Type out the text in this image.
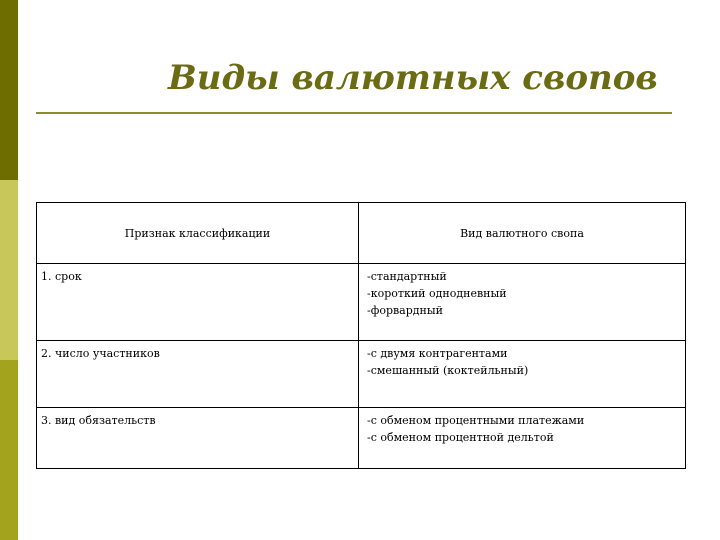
Виды валютных свопов
Признак классификации	Вид валютного свопа

1. срок	-стандартный
-короткий однодневный
-форвардный

2. число участников	-с двумя контрагентами
-смешанный (коктейльный)

3. вид обязательств	-с обменом процентными платежами
-с обменом процентной дельтой
